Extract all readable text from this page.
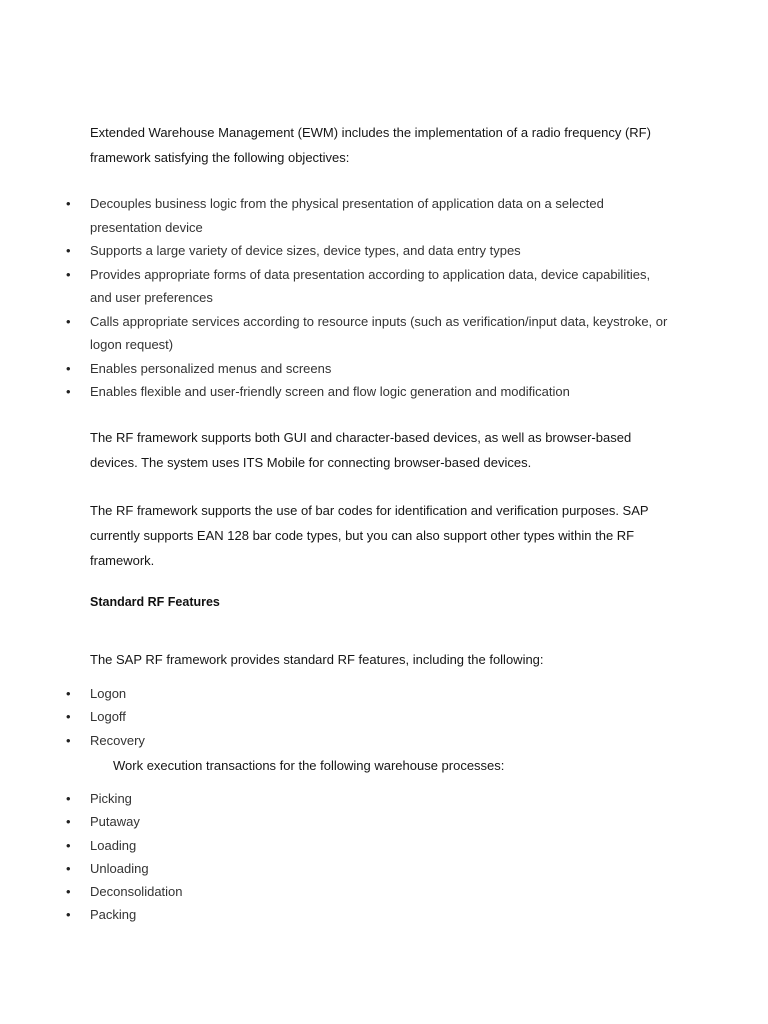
Extended Warehouse Management (EWM) includes the implementation of a radio frequency (RF) framework satisfying the following objectives:

• Decouples business logic from the physical presentation of application data on a selected presentation device
• Supports a large variety of device sizes, device types, and data entry types
• Provides appropriate forms of data presentation according to application data, device capabilities, and user preferences
• Calls appropriate services according to resource inputs (such as verification/input data, keystroke, or logon request)
• Enables personalized menus and screens
• Enables flexible and user-friendly screen and flow logic generation and modification

The RF framework supports both GUI and character-based devices, as well as browser-based devices. The system uses ITS Mobile for connecting browser-based devices.

The RF framework supports the use of bar codes for identification and verification purposes. SAP currently supports EAN 128 bar code types, but you can also support other types within the RF framework.

Standard RF Features

The SAP RF framework provides standard RF features, including the following:

• Logon
• Logoff
• Recovery

Work execution transactions for the following warehouse processes:

• Picking
• Putaway
• Loading
• Unloading
• Deconsolidation
• Packing
